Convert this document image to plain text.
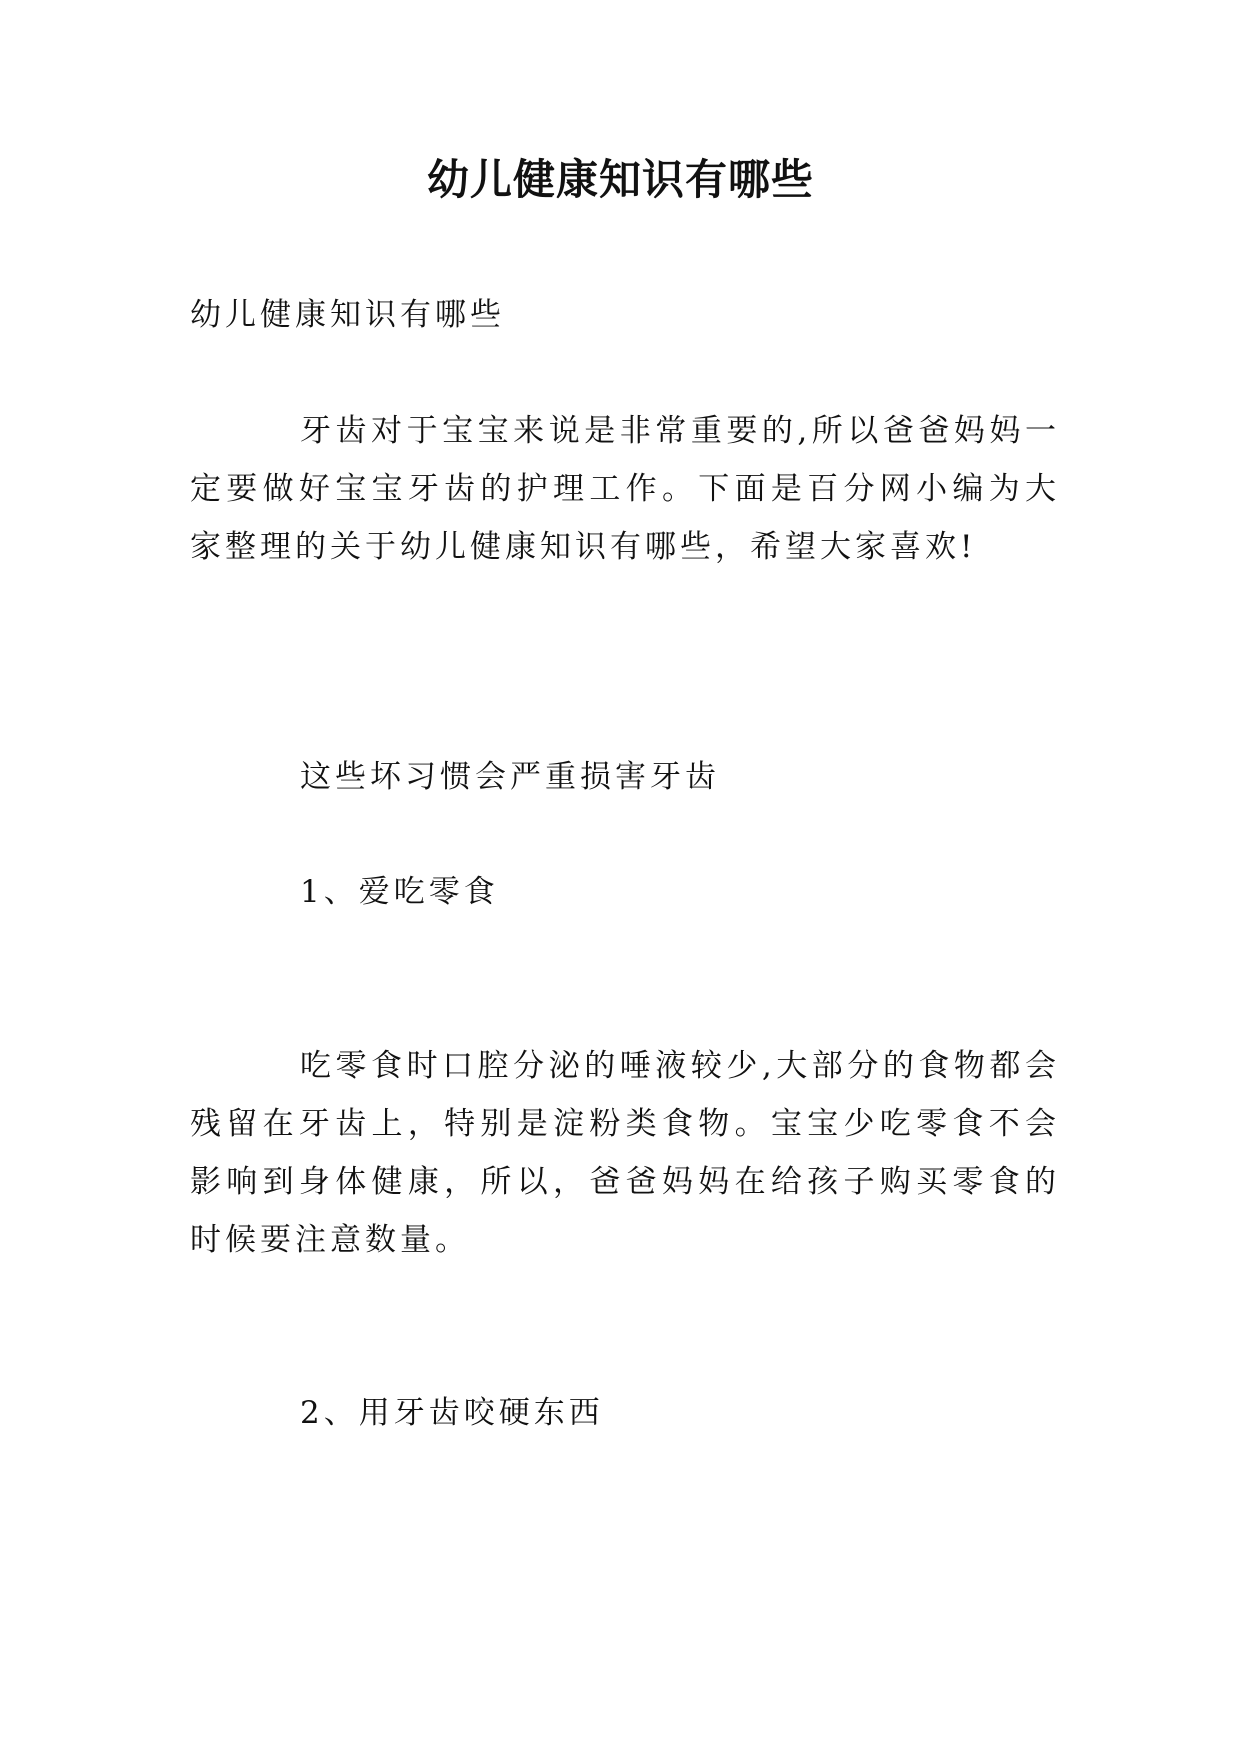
幼儿健康知识有哪些

幼儿健康知识有哪些

牙齿对于宝宝来说是非常重要的,所以爸爸妈妈一定要做好宝宝牙齿的护理工作。下面是百分网小编为大家整理的关于幼儿健康知识有哪些，希望大家喜欢!

这些坏习惯会严重损害牙齿

1、爱吃零食

吃零食时口腔分泌的唾液较少,大部分的食物都会残留在牙齿上，特别是淀粉类食物。宝宝少吃零食不会影响到身体健康，所以，爸爸妈妈在给孩子购买零食的时候要注意数量。

2、用牙齿咬硬东西
